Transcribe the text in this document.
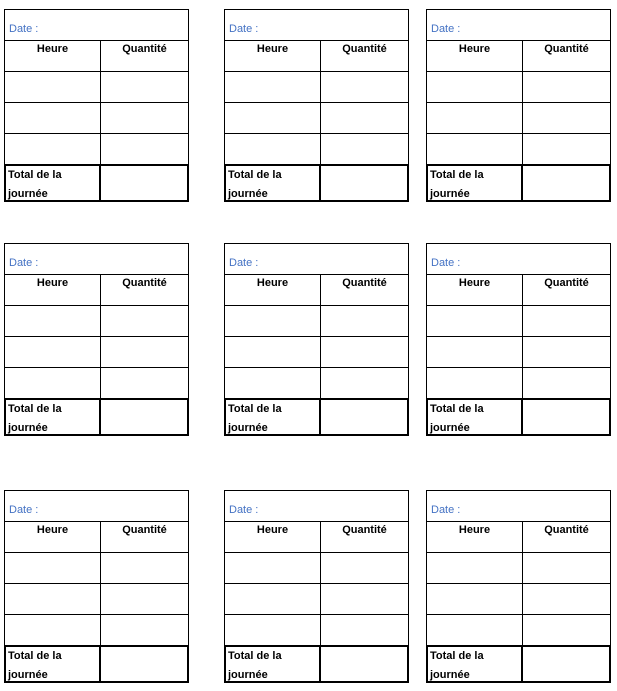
Date :
Heure	Quantité
Total de la
journée
Date :
Heure	Quantité
Total de la
journée
Date :
Heure	Quantité
Total de la
journée
Date :
Heure	Quantité
Total de la
journée
Date :
Heure	Quantité
Total de la
journée
Date :
Heure	Quantité
Total de la
journée
Date :
Heure	Quantité
Total de la
journée
Date :
Heure	Quantité
Total de la
journée
Date :
Heure	Quantité
Total de la
journée
